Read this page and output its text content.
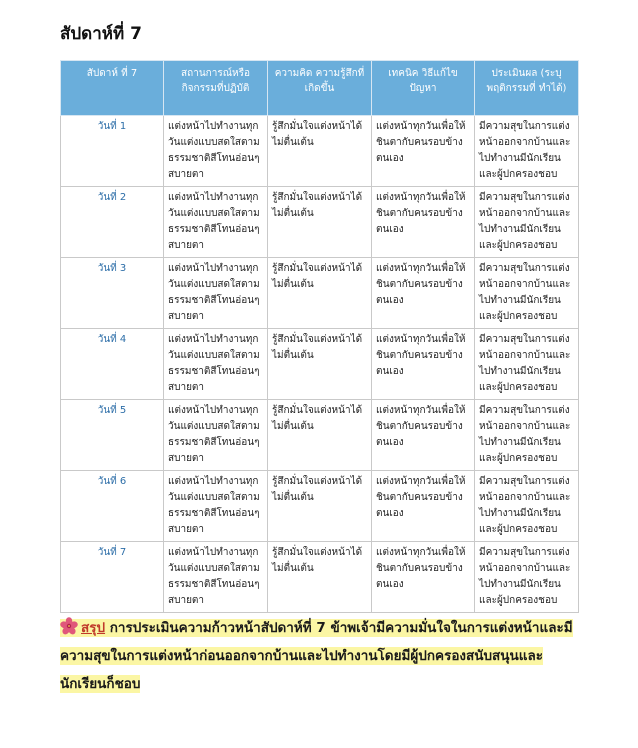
สัปดาห์ที่ 7
สัปดาห์ ที่ 7	สถานการณ์หรือ กิจกรรมที่ปฏิบัติ	ความคิด ความรู้สึกที่ เกิดขึ้น	เทคนิค วิธีแก้ไข ปัญหา	ประเมินผล (ระบุพฤติกรรมที่ ทำได้)
วันที่ 1	แต่งหน้าไปทำงานทุกวันแต่งแบบสดใสตามธรรมชาติสีโทนอ่อนๆสบายตา	รู้สึกมั่นใจแต่งหน้าได้ไม่ตื่นเต้น	แต่งหน้าทุกวันเพื่อให้ชินตากับคนรอบข้างตนเอง	มีความสุขในการแต่งหน้าออกจากบ้านและไปทำงานมีนักเรียนและผู้ปกครองชอบ
วันที่ 2	แต่งหน้าไปทำงานทุกวันแต่งแบบสดใสตามธรรมชาติสีโทนอ่อนๆสบายตา	รู้สึกมั่นใจแต่งหน้าได้ไม่ตื่นเต้น	แต่งหน้าทุกวันเพื่อให้ชินตากับคนรอบข้างตนเอง	มีความสุขในการแต่งหน้าออกจากบ้านและไปทำงานมีนักเรียนและผู้ปกครองชอบ
วันที่ 3	แต่งหน้าไปทำงานทุกวันแต่งแบบสดใสตามธรรมชาติสีโทนอ่อนๆสบายตา	รู้สึกมั่นใจแต่งหน้าได้ไม่ตื่นเต้น	แต่งหน้าทุกวันเพื่อให้ชินตากับคนรอบข้างตนเอง	มีความสุขในการแต่งหน้าออกจากบ้านและไปทำงานมีนักเรียนและผู้ปกครองชอบ
วันที่ 4	แต่งหน้าไปทำงานทุกวันแต่งแบบสดใสตามธรรมชาติสีโทนอ่อนๆสบายตา	รู้สึกมั่นใจแต่งหน้าได้ไม่ตื่นเต้น	แต่งหน้าทุกวันเพื่อให้ชินตากับคนรอบข้างตนเอง	มีความสุขในการแต่งหน้าออกจากบ้านและไปทำงานมีนักเรียนและผู้ปกครองชอบ
วันที่ 5	แต่งหน้าไปทำงานทุกวันแต่งแบบสดใสตามธรรมชาติสีโทนอ่อนๆสบายตา	รู้สึกมั่นใจแต่งหน้าได้ไม่ตื่นเต้น	แต่งหน้าทุกวันเพื่อให้ชินตากับคนรอบข้างตนเอง	มีความสุขในการแต่งหน้าออกจากบ้านและไปทำงานมีนักเรียนและผู้ปกครองชอบ
วันที่ 6	แต่งหน้าไปทำงานทุกวันแต่งแบบสดใสตามธรรมชาติสีโทนอ่อนๆสบายตา	รู้สึกมั่นใจแต่งหน้าได้ไม่ตื่นเต้น	แต่งหน้าทุกวันเพื่อให้ชินตากับคนรอบข้างตนเอง	มีความสุขในการแต่งหน้าออกจากบ้านและไปทำงานมีนักเรียนและผู้ปกครองชอบ
วันที่ 7	แต่งหน้าไปทำงานทุกวันแต่งแบบสดใสตามธรรมชาติสีโทนอ่อนๆสบายตา	รู้สึกมั่นใจแต่งหน้าได้ไม่ตื่นเต้น	แต่งหน้าทุกวันเพื่อให้ชินตากับคนรอบข้างตนเอง	มีความสุขในการแต่งหน้าออกจากบ้านและไปทำงานมีนักเรียนและผู้ปกครองชอบ
สรุป การประเมินความก้าวหน้าสัปดาห์ที่ 7 ข้าพเจ้ามีความมั่นใจในการแต่งหน้าและมีความสุขในการแต่งหน้าก่อนออกจากบ้านและไปทำงานโดยมีผู้ปกครองสนับสนุนและนักเรียนก็ชอบ
